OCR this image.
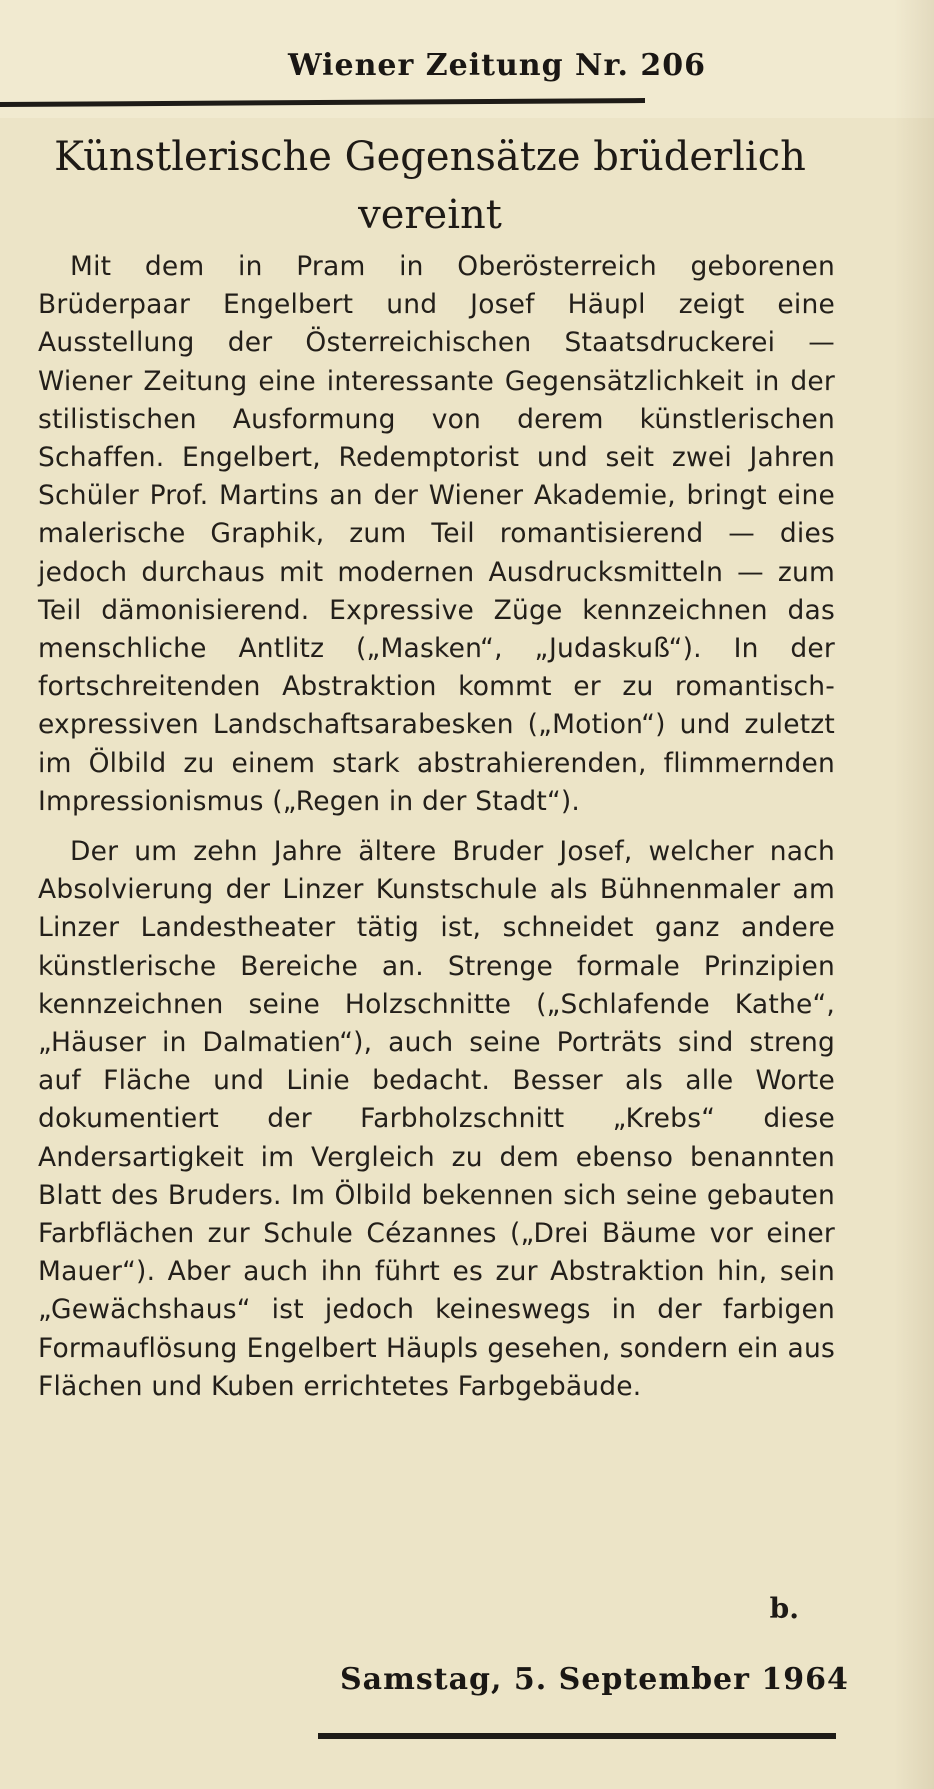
Wiener Zeitung Nr. 206
Künstlerische Gegensätze brüderlich
vereint

Mit dem in Pram in Oberösterreich geborenen Brüderpaar Engelbert und Josef Häupl zeigt eine Ausstellung der Österreichischen Staatsdruckerei — Wiener Zeitung eine interessante Gegensätzlichkeit in der stilistischen Ausformung von derem künstlerischen Schaffen. Engelbert, Redemptorist und seit zwei Jahren Schüler Prof. Martins an der Wiener Akademie, bringt eine malerische Graphik, zum Teil romantisierend — dies jedoch durchaus mit modernen Ausdrucksmitteln — zum Teil dämonisierend. Expressive Züge kennzeichnen das menschliche Antlitz („Masken“, „Judaskuß“). In der fortschreitenden Abstraktion kommt er zu romantisch-expressiven Landschaftsarabesken („Motion“) und zuletzt im Ölbild zu einem stark abstrahierenden, flimmernden Impressionismus („Regen in der Stadt“).

Der um zehn Jahre ältere Bruder Josef, welcher nach Absolvierung der Linzer Kunstschule als Bühnenmaler am Linzer Landestheater tätig ist, schneidet ganz andere künstlerische Bereiche an. Strenge formale Prinzipien kennzeichnen seine Holzschnitte („Schlafende Kathe“, „Häuser in Dalmatien“), auch seine Porträts sind streng auf Fläche und Linie bedacht. Besser als alle Worte dokumentiert der Farbholzschnitt „Krebs“ diese Andersartigkeit im Vergleich zu dem ebenso benannten Blatt des Bruders. Im Ölbild bekennen sich seine gebauten Farbflächen zur Schule Cézannes („Drei Bäume vor einer Mauer“). Aber auch ihn führt es zur Abstraktion hin, sein „Gewächshaus“ ist jedoch keineswegs in der farbigen Formauflösung Engelbert Häupls gesehen, sondern ein aus Flächen und Kuben errichtetes Farbgebäude.

b.
Samstag, 5. September 1964
